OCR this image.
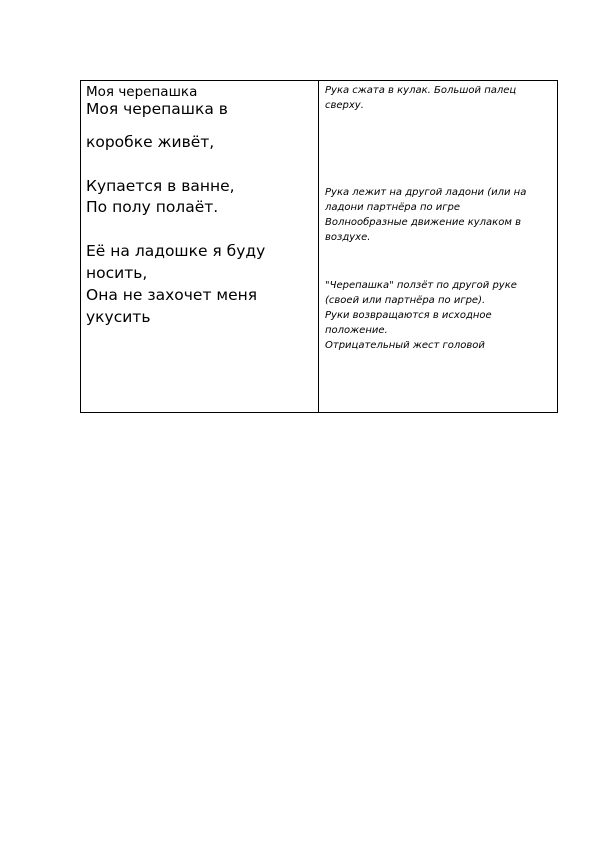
Моя черепашка

Моя черепашка в

коробке живёт,

Купается в ванне,

По полу полаёт.

Её на ладошке я буду

носить,

Она не захочет меня

укусить

Рука сжата в кулак. Большой палец

сверху.

Рука лежит на другой ладони (или на

ладони партнёра по игре

Волнообразные движение кулаком в

воздухе.

"Черепашка" ползёт по другой руке

(своей или партнёра по игре).

Руки возвращаются в исходное

положение.

Отрицательный жест головой
